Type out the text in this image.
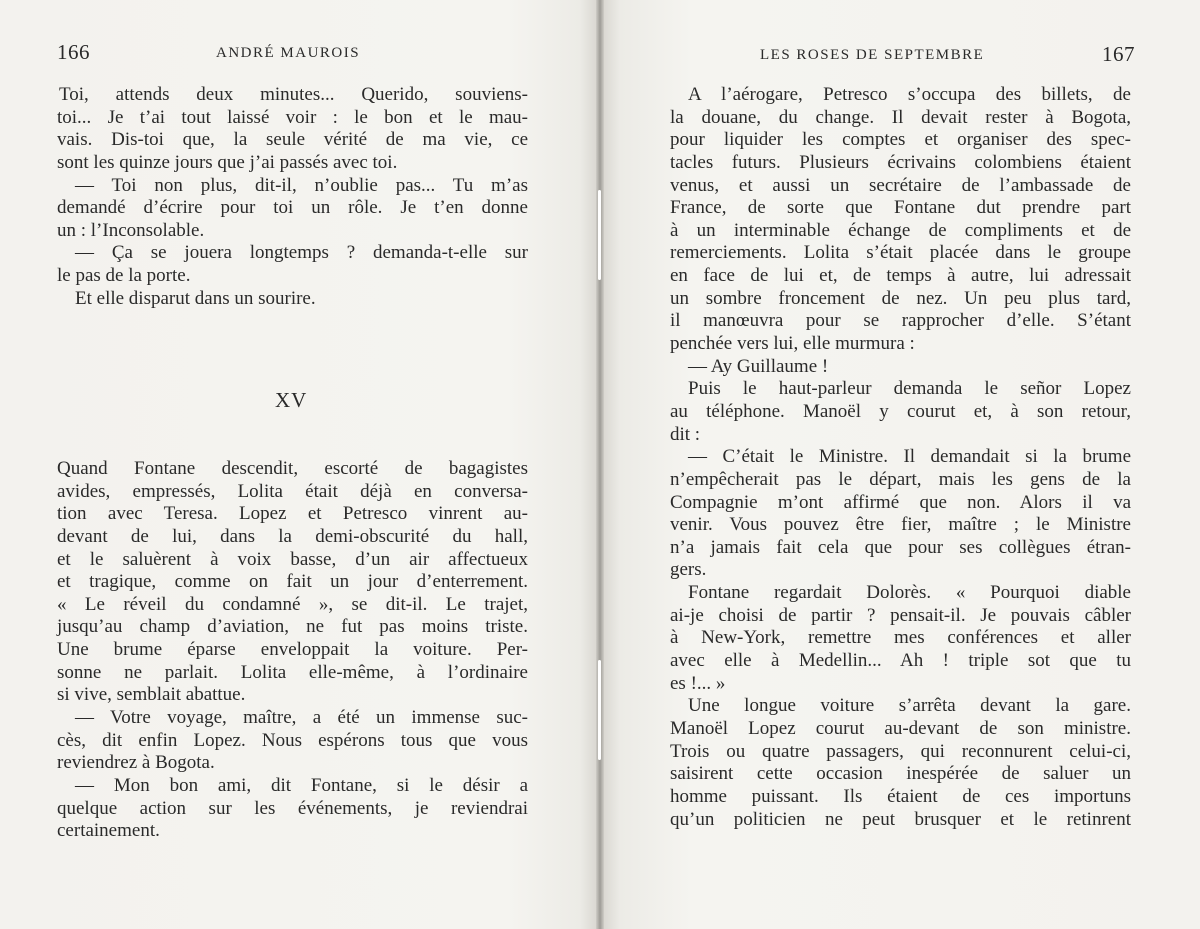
166	ANDRÉ MAUROIS	LES ROSES DE SEPTEMBRE	167
Toi, attends deux minutes... Querido, souviens-
toi... Je t’ai tout laissé voir : le bon et le mau-
vais. Dis-toi que, la seule vérité de ma vie, ce
sont les quinze jours que j’ai passés avec toi.
— Toi non plus, dit-il, n’oublie pas... Tu m’as
demandé d’écrire pour toi un rôle. Je t’en donne
un : l’Inconsolable.
— Ça se jouera longtemps ? demanda-t-elle sur
le pas de la porte.
Et elle disparut dans un sourire.
XV
Quand Fontane descendit, escorté de bagagistes
avides, empressés, Lolita était déjà en conversa-
tion avec Teresa. Lopez et Petresco vinrent au-
devant de lui, dans la demi-obscurité du hall,
et le saluèrent à voix basse, d’un air affectueux
et tragique, comme on fait un jour d’enterrement.
« Le réveil du condamné », se dit-il. Le trajet,
jusqu’au champ d’aviation, ne fut pas moins triste.
Une brume éparse enveloppait la voiture. Per-
sonne ne parlait. Lolita elle-même, à l’ordinaire
si vive, semblait abattue.
— Votre voyage, maître, a été un immense suc-
cès, dit enfin Lopez. Nous espérons tous que vous
reviendrez à Bogota.
— Mon bon ami, dit Fontane, si le désir a
quelque action sur les événements, je reviendrai
certainement.
A l’aérogare, Petresco s’occupa des billets, de
la douane, du change. Il devait rester à Bogota,
pour liquider les comptes et organiser des spec-
tacles futurs. Plusieurs écrivains colombiens étaient
venus, et aussi un secrétaire de l’ambassade de
France, de sorte que Fontane dut prendre part
à un interminable échange de compliments et de
remerciements. Lolita s’était placée dans le groupe
en face de lui et, de temps à autre, lui adressait
un sombre froncement de nez. Un peu plus tard,
il manœuvra pour se rapprocher d’elle. S’étant
penchée vers lui, elle murmura :
— Ay Guillaume !
Puis le haut-parleur demanda le señor Lopez
au téléphone. Manoël y courut et, à son retour,
dit :
— C’était le Ministre. Il demandait si la brume
n’empêcherait pas le départ, mais les gens de la
Compagnie m’ont affirmé que non. Alors il va
venir. Vous pouvez être fier, maître ; le Ministre
n’a jamais fait cela que pour ses collègues étran-
gers.
Fontane regardait Dolorès. « Pourquoi diable
ai-je choisi de partir ? pensait-il. Je pouvais câbler
à New-York, remettre mes conférences et aller
avec elle à Medellin... Ah ! triple sot que tu
es !... »
Une longue voiture s’arrêta devant la gare.
Manoël Lopez courut au-devant de son ministre.
Trois ou quatre passagers, qui reconnurent celui-ci,
saisirent cette occasion inespérée de saluer un
homme puissant. Ils étaient de ces importuns
qu’un politicien ne peut brusquer et le retinrent
